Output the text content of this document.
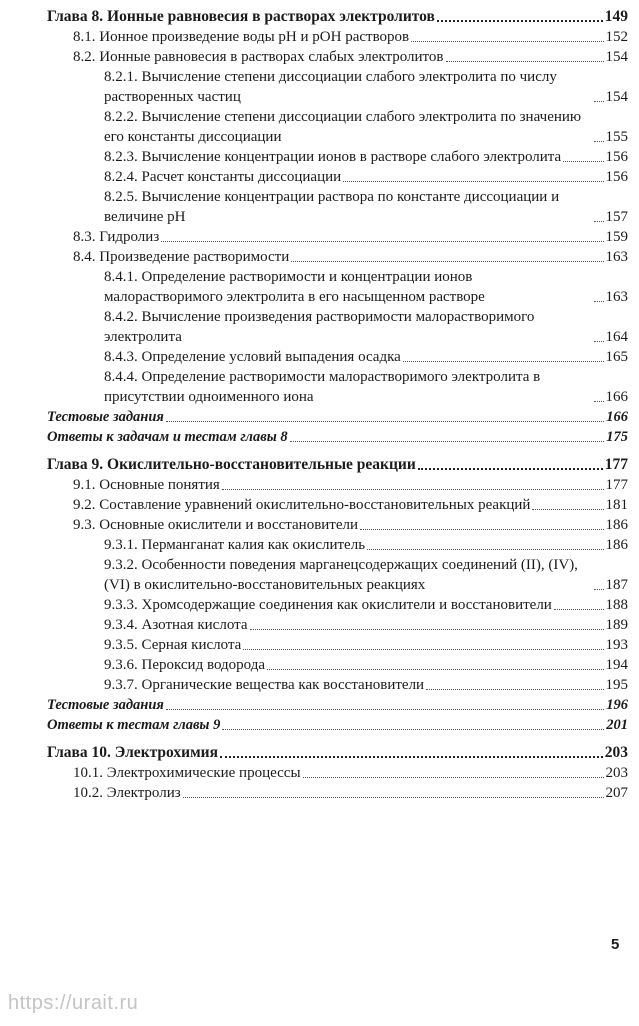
Глава 8. Ионные равновесия в растворах электролитов	149
8.1. Ионное произведение воды pH и pOH растворов	152
8.2. Ионные равновесия в растворах слабых электролитов	154
8.2.1. Вычисление степени диссоциации слабого электролита по числу растворенных частиц	154
8.2.2. Вычисление степени диссоциации слабого электролита по значению его константы диссоциации	155
8.2.3. Вычисление концентрации ионов в растворе слабого электролита	156
8.2.4. Расчет константы диссоциации	156
8.2.5. Вычисление концентрации раствора по константе диссоциации и величине pH	157
8.3. Гидролиз	159
8.4. Произведение растворимости	163
8.4.1. Определение растворимости и концентрации ионов малорастворимого электролита в его насыщенном растворе	163
8.4.2. Вычисление произведения растворимости малорастворимого электролита	164
8.4.3. Определение условий выпадения осадка	165
8.4.4. Определение растворимости малорастворимого электролита в присутствии одноименного иона	166
Тестовые задания	166
Ответы к задачам и тестам главы 8	175
Глава 9. Окислительно-восстановительные реакции	177
9.1. Основные понятия	177
9.2. Составление уравнений окислительно-восстановительных реакций	181
9.3. Основные окислители и восстановители	186
9.3.1. Перманганат калия как окислитель	186
9.3.2. Особенности поведения марганецсодержащих соединений (II), (IV), (VI) в окислительно-восстановительных реакциях	187
9.3.3. Хромсодержащие соединения как окислители и восстановители	188
9.3.4. Азотная кислота	189
9.3.5. Серная кислота	193
9.3.6. Пероксид водорода	194
9.3.7. Органические вещества как восстановители	195
Тестовые задания	196
Ответы к тестам главы 9	201
Глава 10. Электрохимия	203
10.1. Электрохимические процессы	203
10.2. Электролиз	207
5
https://urait.ru
